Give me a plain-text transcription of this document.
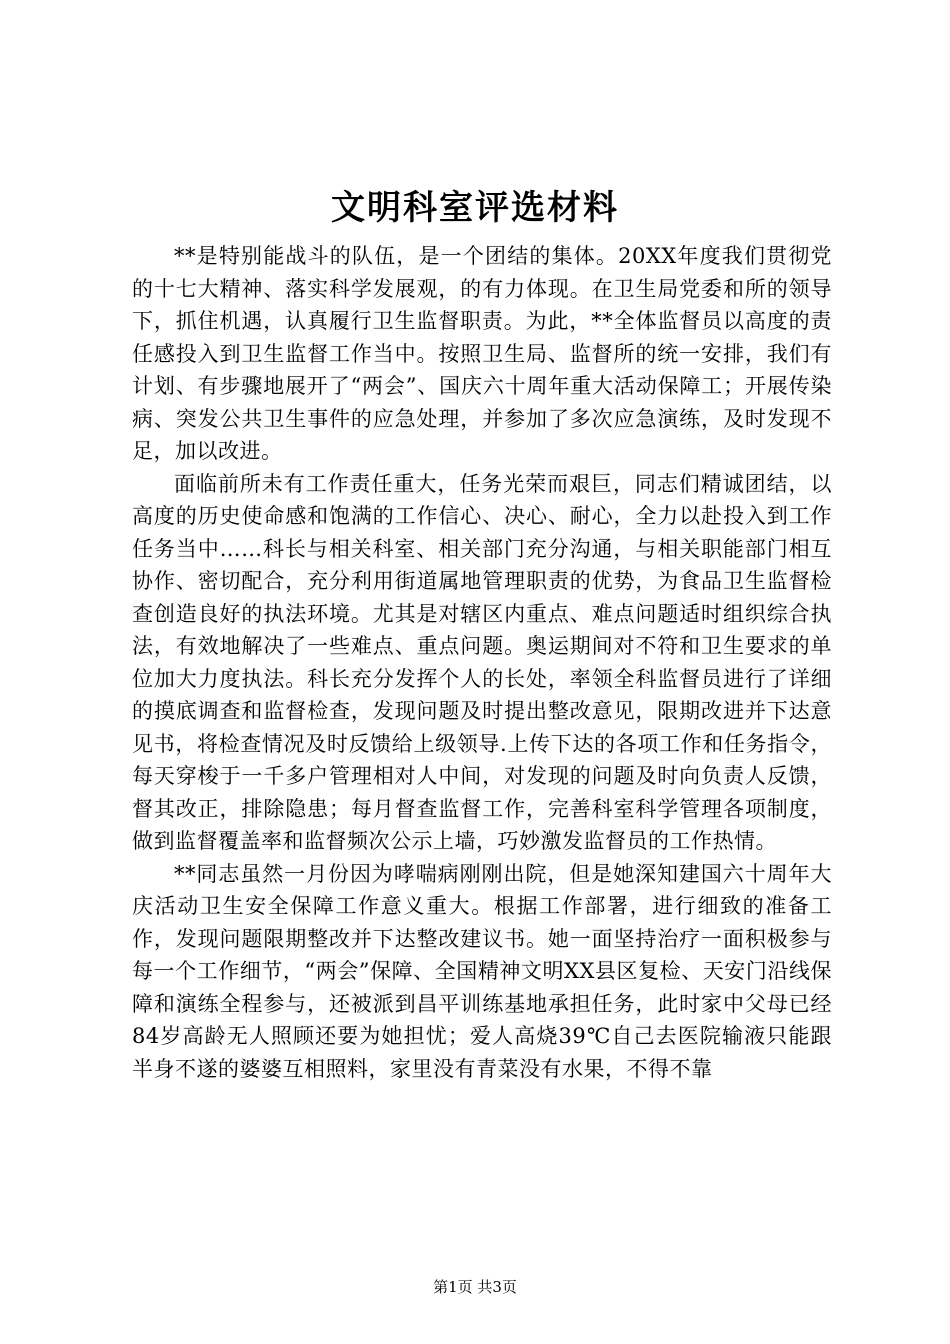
文明科室评选材料

**是特别能战斗的队伍，是一个团结的集体。20XX年度我们贯彻党的十七大精神、落实科学发展观，的有力体现。在卫生局党委和所的领导下，抓住机遇，认真履行卫生监督职责。为此，**全体监督员以高度的责任感投入到卫生监督工作当中。按照卫生局、监督所的统一安排，我们有计划、有步骤地展开了“两会”、国庆六十周年重大活动保障工；开展传染病、突发公共卫生事件的应急处理，并参加了多次应急演练，及时发现不足，加以改进。

面临前所未有工作责任重大，任务光荣而艰巨，同志们精诚团结，以高度的历史使命感和饱满的工作信心、决心、耐心，全力以赴投入到工作任务当中……科长与相关科室、相关部门充分沟通，与相关职能部门相互协作、密切配合，充分利用街道属地管理职责的优势，为食品卫生监督检查创造良好的执法环境。尤其是对辖区内重点、难点问题适时组织综合执法，有效地解决了一些难点、重点问题。奥运期间对不符和卫生要求的单位加大力度执法。科长充分发挥个人的长处，率领全科监督员进行了详细的摸底调查和监督检查，发现问题及时提出整改意见，限期改进并下达意见书，将检查情况及时反馈给上级领导.上传下达的各项工作和任务指令，每天穿梭于一千多户管理相对人中间，对发现的问题及时向负责人反馈，督其改正，排除隐患；每月督查监督工作，完善科室科学管理各项制度，做到监督覆盖率和监督频次公示上墙，巧妙激发监督员的工作热情。

**同志虽然一月份因为哮喘病刚刚出院，但是她深知建国六十周年大庆活动卫生安全保障工作意义重大。根据工作部署，进行细致的准备工作，发现问题限期整改并下达整改建议书。她一面坚持治疗一面积极参与每一个工作细节，“两会”保障、全国精神文明XX县区复检、天安门沿线保障和演练全程参与，还被派到昌平训练基地承担任务，此时家中父母已经84岁高龄无人照顾还要为她担忧；爱人高烧39℃自己去医院输液只能跟半身不遂的婆婆互相照料，家里没有青菜没有水果，不得不靠

第1页 共3页
